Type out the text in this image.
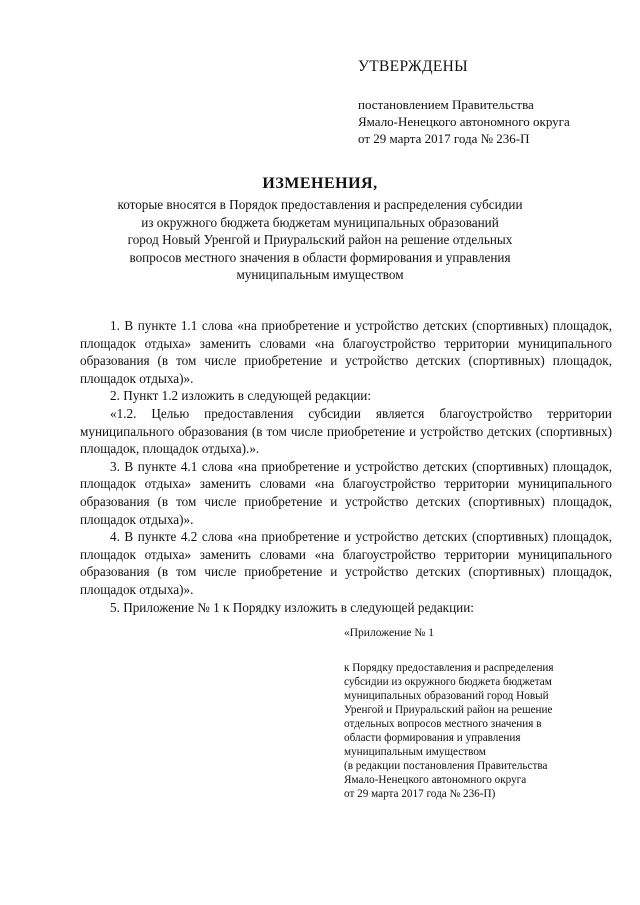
УТВЕРЖДЕНЫ
постановлением Правительства
Ямало-Ненецкого автономного округа
от 29 марта 2017 года № 236-П
ИЗМЕНЕНИЯ,
которые вносятся в Порядок предоставления и распределения субсидии
из окружного бюджета бюджетам муниципальных образований
город Новый Уренгой и Приуральский район на решение отдельных
вопросов местного значения в области формирования и управления
муниципальным имуществом

1. В пункте 1.1 слова «на приобретение и устройство детских (спортивных) площадок, площадок отдыха» заменить словами «на благоустройство территории муниципального образования (в том числе приобретение и устройство детских (спортивных) площадок, площадок отдыха)».

2. Пункт 1.2 изложить в следующей редакции:

«1.2. Целью предоставления субсидии является благоустройство территории муниципального образования (в том числе приобретение и устройство детских (спортивных) площадок, площадок отдыха).».

3. В пункте 4.1 слова «на приобретение и устройство детских (спортивных) площадок, площадок отдыха» заменить словами «на благоустройство территории муниципального образования (в том числе приобретение и устройство детских (спортивных) площадок, площадок отдыха)».

4. В пункте 4.2 слова «на приобретение и устройство детских (спортивных) площадок, площадок отдыха» заменить словами «на благоустройство территории муниципального образования (в том числе приобретение и устройство детских (спортивных) площадок, площадок отдыха)».

5. Приложение № 1 к Порядку изложить в следующей редакции:

«Приложение № 1
к Порядку предоставления и распределения
субсидии из окружного бюджета бюджетам
муниципальных образований город Новый
Уренгой и Приуральский район на решение
отдельных вопросов местного значения в
области формирования и управления
муниципальным имуществом
(в редакции постановления Правительства
Ямало-Ненецкого автономного округа
от 29 марта 2017 года № 236-П)
